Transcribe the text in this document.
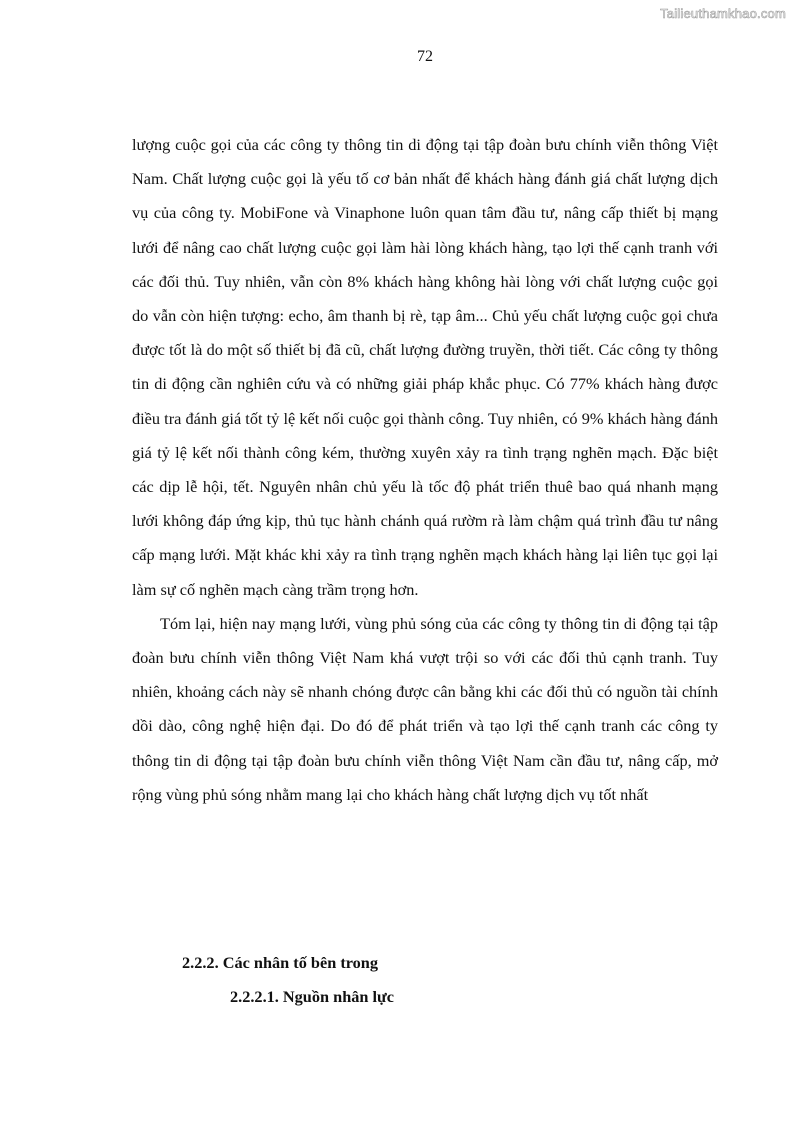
Tailieuthamkhao.com
72

lượng cuộc gọi của các công ty thông tin di động tại tập đoàn bưu chính viễn thông Việt Nam. Chất lượng cuộc gọi là yếu tố cơ bản nhất để khách hàng đánh giá chất lượng dịch vụ của công ty. MobiFone và Vinaphone luôn quan tâm đầu tư, nâng cấp thiết bị mạng lưới để nâng cao chất lượng cuộc gọi làm hài lòng khách hàng, tạo lợi thế cạnh tranh với các đối thủ. Tuy nhiên, vẫn còn 8% khách hàng không hài lòng với chất lượng cuộc gọi do vẫn còn hiện tượng: echo, âm thanh bị rè, tạp âm... Chủ yếu chất lượng cuộc gọi chưa được tốt là do một số thiết bị đã cũ, chất lượng đường truyền, thời tiết. Các công ty thông tin di động cần nghiên cứu và có những giải pháp khắc phục. Có 77% khách hàng được điều tra đánh giá tốt tỷ lệ kết nối cuộc gọi thành công. Tuy nhiên, có 9% khách hàng đánh giá tỷ lệ kết nối thành công kém, thường xuyên xảy ra tình trạng nghẽn mạch. Đặc biệt các dịp lễ hội, tết. Nguyên nhân chủ yếu là tốc độ phát triển thuê bao quá nhanh mạng lưới không đáp ứng kịp, thủ tục hành chánh quá rườm rà làm chậm quá trình đầu tư nâng cấp mạng lưới. Mặt khác khi xảy ra tình trạng nghẽn mạch khách hàng lại liên tục gọi lại làm sự cố nghẽn mạch càng trầm trọng hơn.

Tóm lại, hiện nay mạng lưới, vùng phủ sóng của các công ty thông tin di động tại tập đoàn bưu chính viễn thông Việt Nam khá vượt trội so với các đối thủ cạnh tranh. Tuy nhiên, khoảng cách này sẽ nhanh chóng được cân bằng khi các đối thủ có nguồn tài chính dồi dào, công nghệ hiện đại. Do đó để phát triển và tạo lợi thế cạnh tranh các công ty thông tin di động tại tập đoàn bưu chính viễn thông Việt Nam cần đầu tư, nâng cấp, mở rộng vùng phủ sóng nhằm mang lại cho khách hàng chất lượng dịch vụ tốt nhất

2.2.2. Các nhân tố bên trong
2.2.2.1. Nguồn nhân lực
